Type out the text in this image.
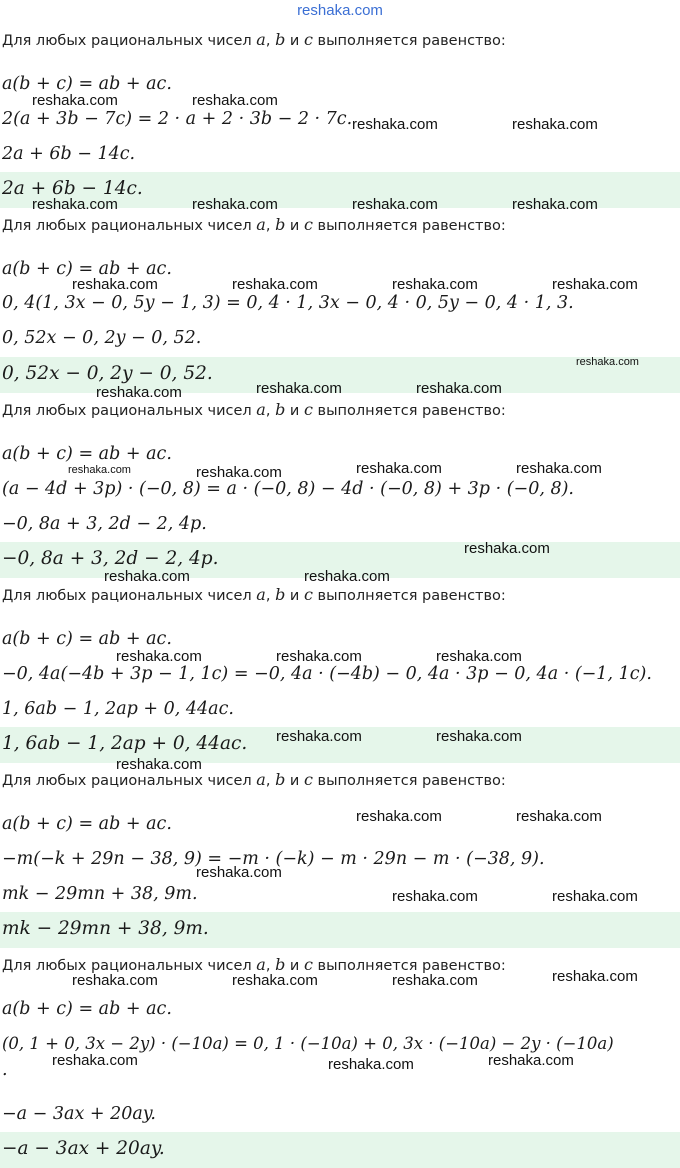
reshaka.com
Для любых рациональных чисел a, b и c выполняется равенство:
a(b + c) = ab + ac.
2(a + 3b − 7c) = 2 · a + 2 · 3b − 2 · 7c.
2a + 6b − 14c.
2a + 6b − 14c.
Для любых рациональных чисел a, b и c выполняется равенство:
a(b + c) = ab + ac.
0, 4(1, 3x − 0, 5y − 1, 3) = 0, 4 · 1, 3x − 0, 4 · 0, 5y − 0, 4 · 1, 3.
0, 52x − 0, 2y − 0, 52.
0, 52x − 0, 2y − 0, 52.
Для любых рациональных чисел a, b и c выполняется равенство:
a(b + c) = ab + ac.
(a − 4d + 3p) · (−0, 8) = a · (−0, 8) − 4d · (−0, 8) + 3p · (−0, 8).
−0, 8a + 3, 2d − 2, 4p.
−0, 8a + 3, 2d − 2, 4p.
Для любых рациональных чисел a, b и c выполняется равенство:
a(b + c) = ab + ac.
−0, 4a(−4b + 3p − 1, 1c) = −0, 4a · (−4b) − 0, 4a · 3p − 0, 4a · (−1, 1c).
1, 6ab − 1, 2ap + 0, 44ac.
1, 6ab − 1, 2ap + 0, 44ac.
Для любых рациональных чисел a, b и c выполняется равенство:
a(b + c) = ab + ac.
−m(−k + 29n − 38, 9) = −m · (−k) − m · 29n − m · (−38, 9).
mk − 29mn + 38, 9m.
mk − 29mn + 38, 9m.
Для любых рациональных чисел a, b и c выполняется равенство:
a(b + c) = ab + ac.
(0, 1 + 0, 3x − 2y) · (−10a) = 0, 1 · (−10a) + 0, 3x · (−10a) − 2y · (−10a)
.
−a − 3ax + 20ay.
−a − 3ax + 20ay.
reshaka.com	reshaka.com
reshaka.com	reshaka.com
reshaka.com	reshaka.com	reshaka.com	reshaka.com
reshaka.com	reshaka.com	reshaka.com	reshaka.com
reshaka.com
reshaka.com	reshaka.com
reshaka.com
reshaka.com	reshaka.com	reshaka.com	reshaka.com
reshaka.com
reshaka.com	reshaka.com
reshaka.com	reshaka.com	reshaka.com
reshaka.com	reshaka.com
reshaka.com
reshaka.com	reshaka.com
reshaka.com
reshaka.com	reshaka.com
reshaka.com
reshaka.com	reshaka.com	reshaka.com
reshaka.com	reshaka.com
reshaka.com
